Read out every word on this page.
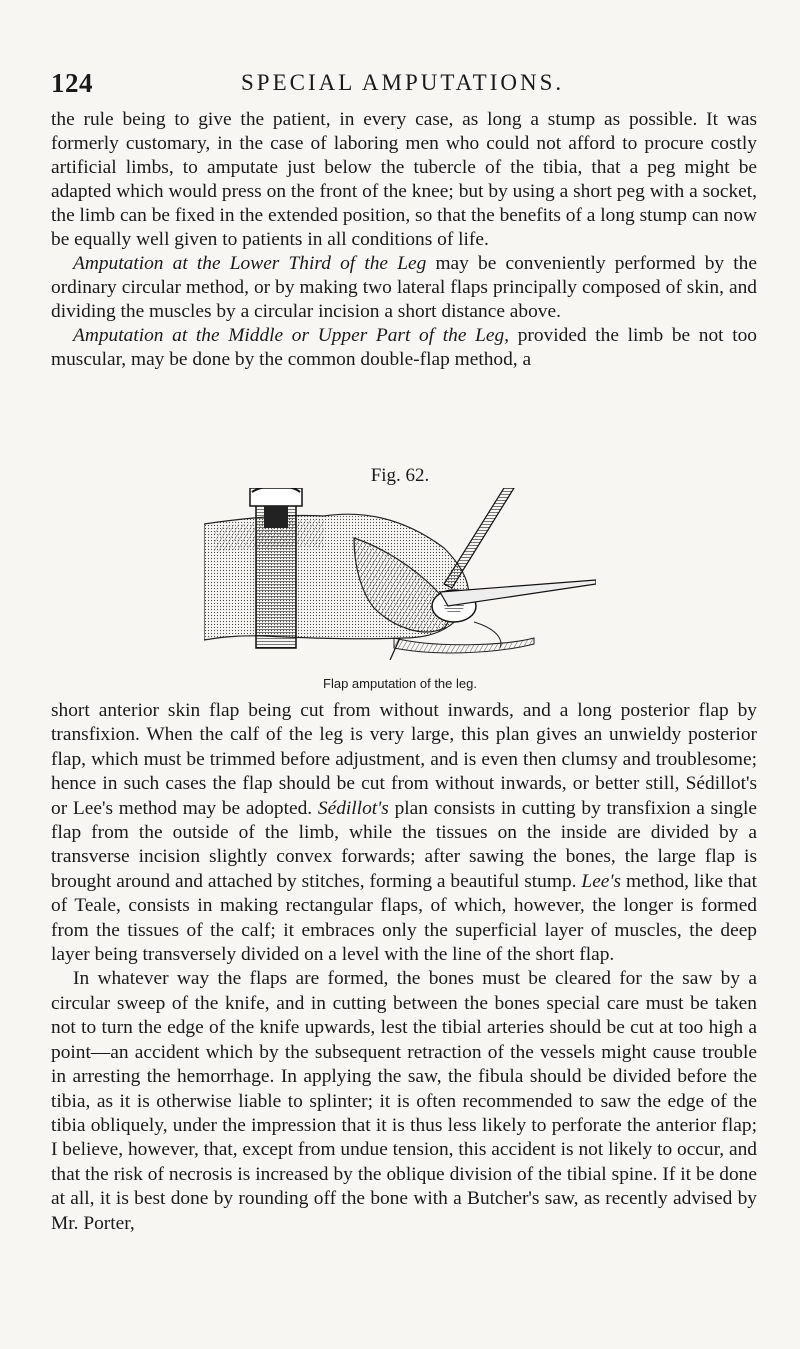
124	SPECIAL AMPUTATIONS.

the rule being to give the patient, in every case, as long a stump as possible. It was formerly customary, in the case of laboring men who could not afford to procure costly artificial limbs, to amputate just below the tubercle of the tibia, that a peg might be adapted which would press on the front of the knee; but by using a short peg with a socket, the limb can be fixed in the extended position, so that the benefits of a long stump can now be equally well given to patients in all conditions of life.

Amputation at the Lower Third of the Leg may be conveniently performed by the ordinary circular method, or by making two lateral flaps principally composed of skin, and dividing the muscles by a circular incision a short distance above.

Amputation at the Middle or Upper Part of the Leg, provided the limb be not too muscular, may be done by the common double-flap method, a

Fig. 62.
Flap amputation of the leg.

short anterior skin flap being cut from without inwards, and a long posterior flap by transfixion. When the calf of the leg is very large, this plan gives an unwieldy posterior flap, which must be trimmed before adjustment, and is even then clumsy and troublesome; hence in such cases the flap should be cut from without inwards, or better still, Sédillot's or Lee's method may be adopted. Sédillot's plan consists in cutting by transfixion a single flap from the outside of the limb, while the tissues on the inside are divided by a transverse incision slightly convex forwards; after sawing the bones, the large flap is brought around and attached by stitches, forming a beautiful stump. Lee's method, like that of Teale, consists in making rectangular flaps, of which, however, the longer is formed from the tissues of the calf; it embraces only the superficial layer of muscles, the deep layer being transversely divided on a level with the line of the short flap.

In whatever way the flaps are formed, the bones must be cleared for the saw by a circular sweep of the knife, and in cutting between the bones special care must be taken not to turn the edge of the knife upwards, lest the tibial arteries should be cut at too high a point—an accident which by the subsequent retraction of the vessels might cause trouble in arresting the hemorrhage. In applying the saw, the fibula should be divided before the tibia, as it is otherwise liable to splinter; it is often recommended to saw the edge of the tibia obliquely, under the impression that it is thus less likely to perforate the anterior flap; I believe, however, that, except from undue tension, this accident is not likely to occur, and that the risk of necrosis is increased by the oblique division of the tibial spine. If it be done at all, it is best done by rounding off the bone with a Butcher's saw, as recently advised by Mr. Porter,
